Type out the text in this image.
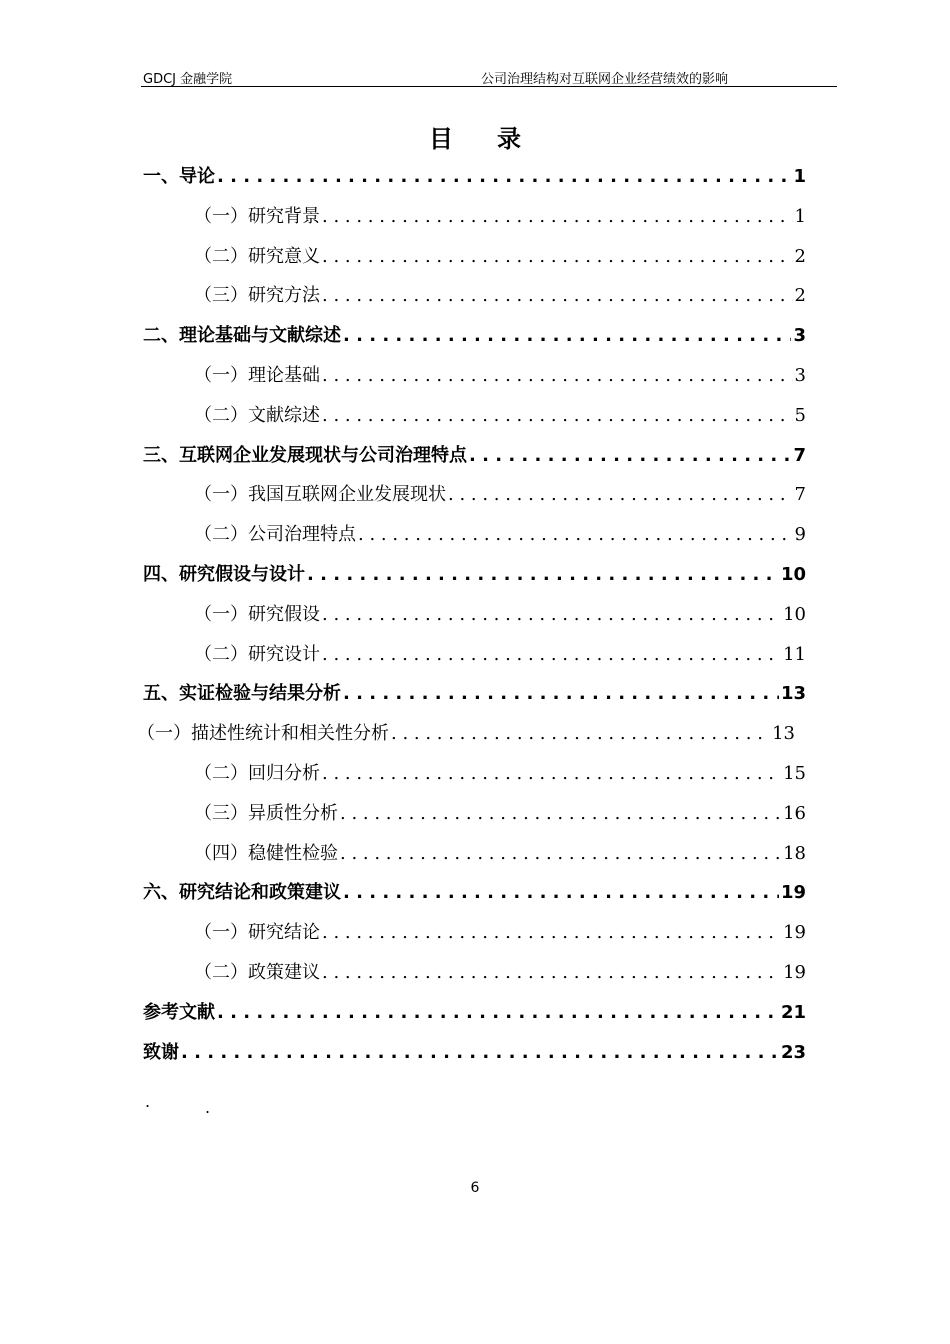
GDCJ 金融学院	公司治理结构对互联网企业经营绩效的影响
目录
一、导论 . . .	1
（一）研究背景 . . .	1
（二）研究意义 . . .	2
（三）研究方法 . . .	2
二、理论基础与文献综述 . . .	3
（一）理论基础 . . .	3
（二）文献综述 . . .	5
三、互联网企业发展现状与公司治理特点 . . .	7
（一）我国互联网企业发展现状 . . .	7
（二）公司治理特点 . . .	9
四、研究假设与设计 . . .	10
（一）研究假设 . . .	10
（二）研究设计 . . .	11
五、实证检验与结果分析 . . .	13
（一）描述性统计和相关性分析 . . .	13
（二）回归分析 . . .	15
（三）异质性分析 . . .	16
（四）稳健性检验 . . .	18
六、研究结论和政策建议 . . .	19
（一）研究结论 . . .	19
（二）政策建议 . . .	19
参考文献 . . .	21
致谢 . . .	23
.	.
6
